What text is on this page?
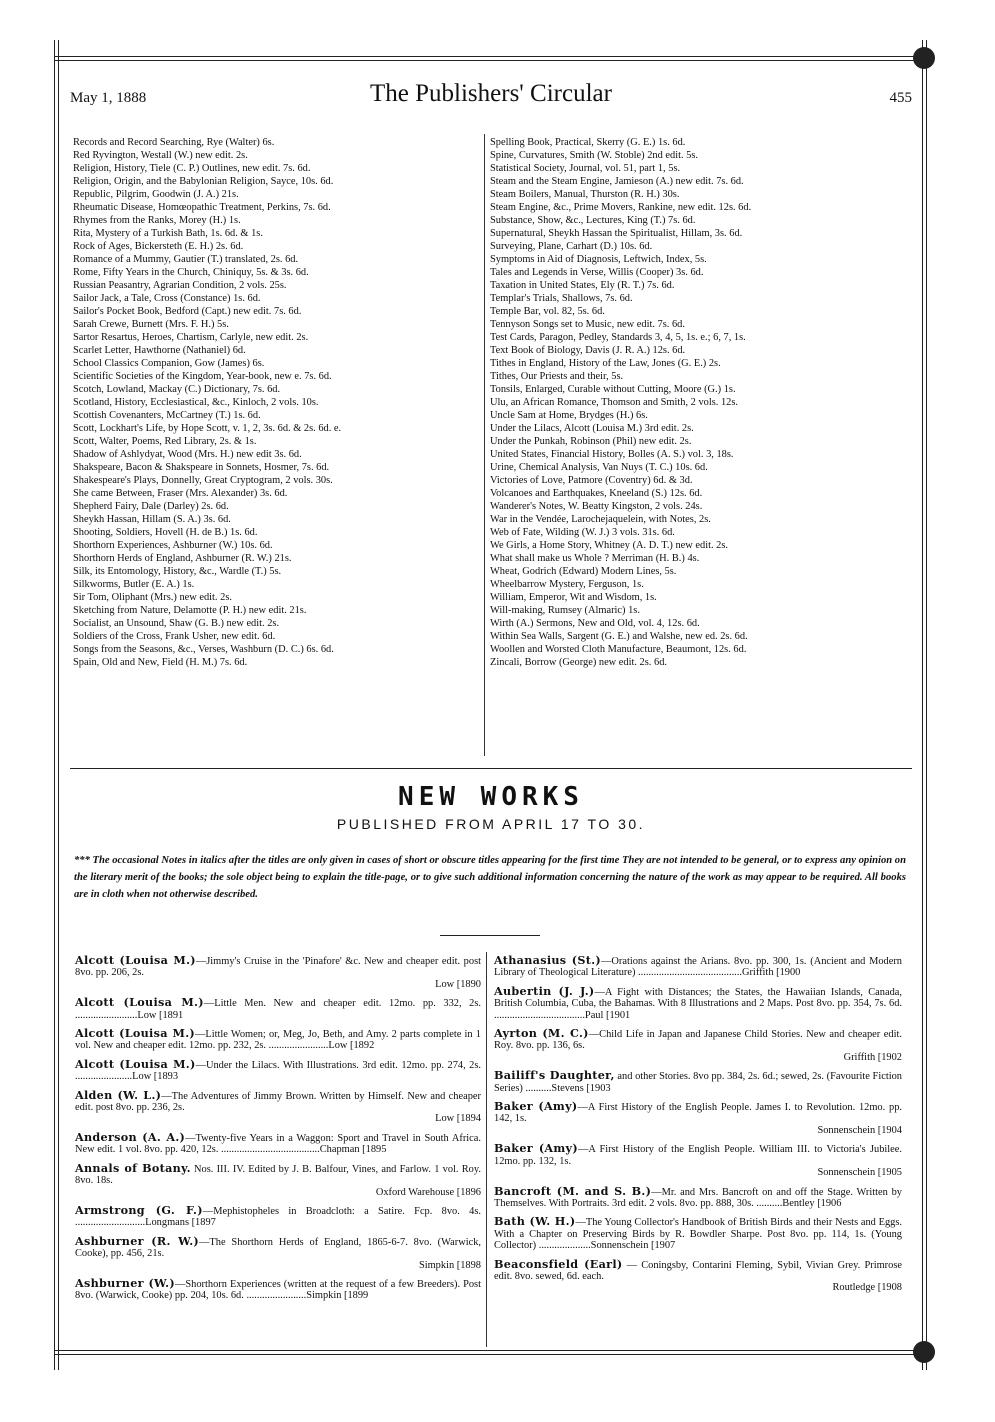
May 1, 1888	The Publishers' Circular	455
Records and Record Searching, Rye (Walter) 6s.
Red Ryvington, Westall (W.) new edit. 2s.
Religion, History, Tiele (C. P.) Outlines, new edit. 7s. 6d.
Religion, Origin, and the Babylonian Religion, Sayce, 10s. 6d.
Republic, Pilgrim, Goodwin (J. A.) 21s.
Rheumatic Disease, Homœopathic Treatment, Perkins, 7s. 6d.
Rhymes from the Ranks, Morey (H.) 1s.
Rita, Mystery of a Turkish Bath, 1s. 6d. & 1s.
Rock of Ages, Bickersteth (E. H.) 2s. 6d.
Romance of a Mummy, Gautier (T.) translated, 2s. 6d.
Rome, Fifty Years in the Church, Chiniquy, 5s. & 3s. 6d.
Russian Peasantry, Agrarian Condition, 2 vols. 25s.
Sailor Jack, a Tale, Cross (Constance) 1s. 6d.
Sailor's Pocket Book, Bedford (Capt.) new edit. 7s. 6d.
Sarah Crewe, Burnett (Mrs. F. H.) 5s.
Sartor Resartus, Heroes, Chartism, Carlyle, new edit. 2s.
Scarlet Letter, Hawthorne (Nathaniel) 6d.
School Classics Companion, Gow (James) 6s.
Scientific Societies of the Kingdom, Year-book, new e. 7s. 6d.
Scotch, Lowland, Mackay (C.) Dictionary, 7s. 6d.
Scotland, History, Ecclesiastical, &c., Kinloch, 2 vols. 10s.
Scottish Covenanters, McCartney (T.) 1s. 6d.
Scott, Lockhart's Life, by Hope Scott, v. 1, 2, 3s. 6d. & 2s. 6d. e.
Scott, Walter, Poems, Red Library, 2s. & 1s.
Shadow of Ashlydyat, Wood (Mrs. H.) new edit 3s. 6d.
Shakspeare, Bacon & Shakspeare in Sonnets, Hosmer, 7s. 6d.
Shakespeare's Plays, Donnelly, Great Cryptogram, 2 vols. 30s.
She came Between, Fraser (Mrs. Alexander) 3s. 6d.
Shepherd Fairy, Dale (Darley) 2s. 6d.
Sheykh Hassan, Hillam (S. A.) 3s. 6d.
Shooting, Soldiers, Hovell (H. de B.) 1s. 6d.
Shorthorn Experiences, Ashburner (W.) 10s. 6d.
Shorthorn Herds of England, Ashburner (R. W.) 21s.
Silk, its Entomology, History, &c., Wardle (T.) 5s.
Silkworms, Butler (E. A.) 1s.
Sir Tom, Oliphant (Mrs.) new edit. 2s.
Sketching from Nature, Delamotte (P. H.) new edit. 21s.
Socialist, an Unsound, Shaw (G. B.) new edit. 2s.
Soldiers of the Cross, Frank Usher, new edit. 6d.
Songs from the Seasons, &c., Verses, Washburn (D. C.) 6s. 6d.
Spain, Old and New, Field (H. M.) 7s. 6d.
Spelling Book, Practical, Skerry (G. E.) 1s. 6d.
Spine, Curvatures, Smith (W. Stoble) 2nd edit. 5s.
Statistical Society, Journal, vol. 51, part 1, 5s.
Steam and the Steam Engine, Jamieson (A.) new edit. 7s. 6d.
Steam Boilers, Manual, Thurston (R. H.) 30s.
Steam Engine, &c., Prime Movers, Rankine, new edit. 12s. 6d.
Substance, Show, &c., Lectures, King (T.) 7s. 6d.
Supernatural, Sheykh Hassan the Spiritualist, Hillam, 3s. 6d.
Surveying, Plane, Carhart (D.) 10s. 6d.
Symptoms in Aid of Diagnosis, Leftwich, Index, 5s.
Tales and Legends in Verse, Willis (Cooper) 3s. 6d.
Taxation in United States, Ely (R. T.) 7s. 6d.
Templar's Trials, Shallows, 7s. 6d.
Temple Bar, vol. 82, 5s. 6d.
Tennyson Songs set to Music, new edit. 7s. 6d.
Test Cards, Paragon, Pedley, Standards 3, 4, 5, 1s. e.; 6, 7, 1s.
Text Book of Biology, Davis (J. R. A.) 12s. 6d.
Tithes in England, History of the Law, Jones (G. E.) 2s.
Tithes, Our Priests and their, 5s.
Tonsils, Enlarged, Curable without Cutting, Moore (G.) 1s.
Ulu, an African Romance, Thomson and Smith, 2 vols. 12s.
Uncle Sam at Home, Brydges (H.) 6s.
Under the Lilacs, Alcott (Louisa M.) 3rd edit. 2s.
Under the Punkah, Robinson (Phil) new edit. 2s.
United States, Financial History, Bolles (A. S.) vol. 3, 18s.
Urine, Chemical Analysis, Van Nuys (T. C.) 10s. 6d.
Victories of Love, Patmore (Coventry) 6d. & 3d.
Volcanoes and Earthquakes, Kneeland (S.) 12s. 6d.
Wanderer's Notes, W. Beatty Kingston, 2 vols. 24s.
War in the Vendée, Larochejaquelein, with Notes, 2s.
Web of Fate, Wilding (W. J.) 3 vols. 31s. 6d.
We Girls, a Home Story, Whitney (A. D. T.) new edit. 2s.
What shall make us Whole ? Merriman (H. B.) 4s.
Wheat, Godrich (Edward) Modern Lines, 5s.
Wheelbarrow Mystery, Ferguson, 1s.
William, Emperor, Wit and Wisdom, 1s.
Will-making, Rumsey (Almaric) 1s.
Wirth (A.) Sermons, New and Old, vol. 4, 12s. 6d.
Within Sea Walls, Sargent (G. E.) and Walshe, new ed. 2s. 6d.
Woollen and Worsted Cloth Manufacture, Beaumont, 12s. 6d.
Zincali, Borrow (George) new edit. 2s. 6d.
NEW WORKS
PUBLISHED FROM APRIL 17 TO 30.
*** The occasional Notes in italics after the titles are only given in cases of short or obscure titles appearing for the first time They are not intended to be general, or to express any opinion on the literary merit of the books; the sole object being to explain the title-page, or to give such additional information concerning the nature of the work as may appear to be required. All books are in cloth when not otherwise described.
Alcott (Louisa M.)—Jimmy's Cruise in the 'Pinafore' &c. New and cheaper edit. post 8vo. pp. 206, 2s.
Low [1890
Alcott (Louisa M.)—Little Men. New and cheaper edit. 12mo. pp. 332, 2s. ........................Low [1891
Alcott (Louisa M.)—Little Women; or, Meg, Jo, Beth, and Amy. 2 parts complete in 1 vol. New and cheaper edit. 12mo. pp. 232, 2s. .......................Low [1892
Alcott (Louisa M.)—Under the Lilacs. With Illustrations. 3rd edit. 12mo. pp. 274, 2s. ......................Low [1893
Alden (W. L.)—The Adventures of Jimmy Brown. Written by Himself. New and cheaper edit. post 8vo. pp. 236, 2s.
Low [1894
Anderson (A. A.)—Twenty-five Years in a Waggon: Sport and Travel in South Africa. New edit. 1 vol. 8vo. pp. 420, 12s. ......................................Chapman [1895
Annals of Botany. Nos. III. IV. Edited by J. B. Balfour, Vines, and Farlow. 1 vol. Roy. 8vo. 18s.
Oxford Warehouse [1896
Armstrong (G. F.)—Mephistopheles in Broadcloth: a Satire. Fcp. 8vo. 4s. ...........................Longmans [1897
Ashburner (R. W.)—The Shorthorn Herds of England, 1865-6-7. 8vo. (Warwick, Cooke), pp. 456, 21s.
Simpkin [1898
Ashburner (W.)—Shorthorn Experiences (written at the request of a few Breeders). Post 8vo. (Warwick, Cooke) pp. 204, 10s. 6d. .......................Simpkin [1899
Athanasius (St.)—Orations against the Arians. 8vo. pp. 300, 1s. (Ancient and Modern Library of Theological Literature) ........................................Griffith [1900
Aubertin (J. J.)—A Fight with Distances; the States, the Hawaiian Islands, Canada, British Columbia, Cuba, the Bahamas. With 8 Illustrations and 2 Maps. Post 8vo. pp. 354, 7s. 6d. ...................................Paul [1901
Ayrton (M. C.)—Child Life in Japan and Japanese Child Stories. New and cheaper edit. Roy. 8vo. pp. 136, 6s.
Griffith [1902
Bailiff's Daughter, and other Stories. 8vo pp. 384, 2s. 6d.; sewed, 2s. (Favourite Fiction Series) ..........Stevens [1903
Baker (Amy)—A First History of the English People. James I. to Revolution. 12mo. pp. 142, 1s.
Sonnenschein [1904
Baker (Amy)—A First History of the English People. William III. to Victoria's Jubilee. 12mo. pp. 132, 1s.
Sonnenschein [1905
Bancroft (M. and S. B.)—Mr. and Mrs. Bancroft on and off the Stage. Written by Themselves. With Portraits. 3rd edit. 2 vols. 8vo. pp. 888, 30s. ..........Bentley [1906
Bath (W. H.)—The Young Collector's Handbook of British Birds and their Nests and Eggs. With a Chapter on Preserving Birds by R. Bowdler Sharpe. Post 8vo. pp. 114, 1s. (Young Collector) ....................Sonnenschein [1907
Beaconsfield (Earl) — Coningsby, Contarini Fleming, Sybil, Vivian Grey. Primrose edit. 8vo. sewed, 6d. each.
Routledge [1908
